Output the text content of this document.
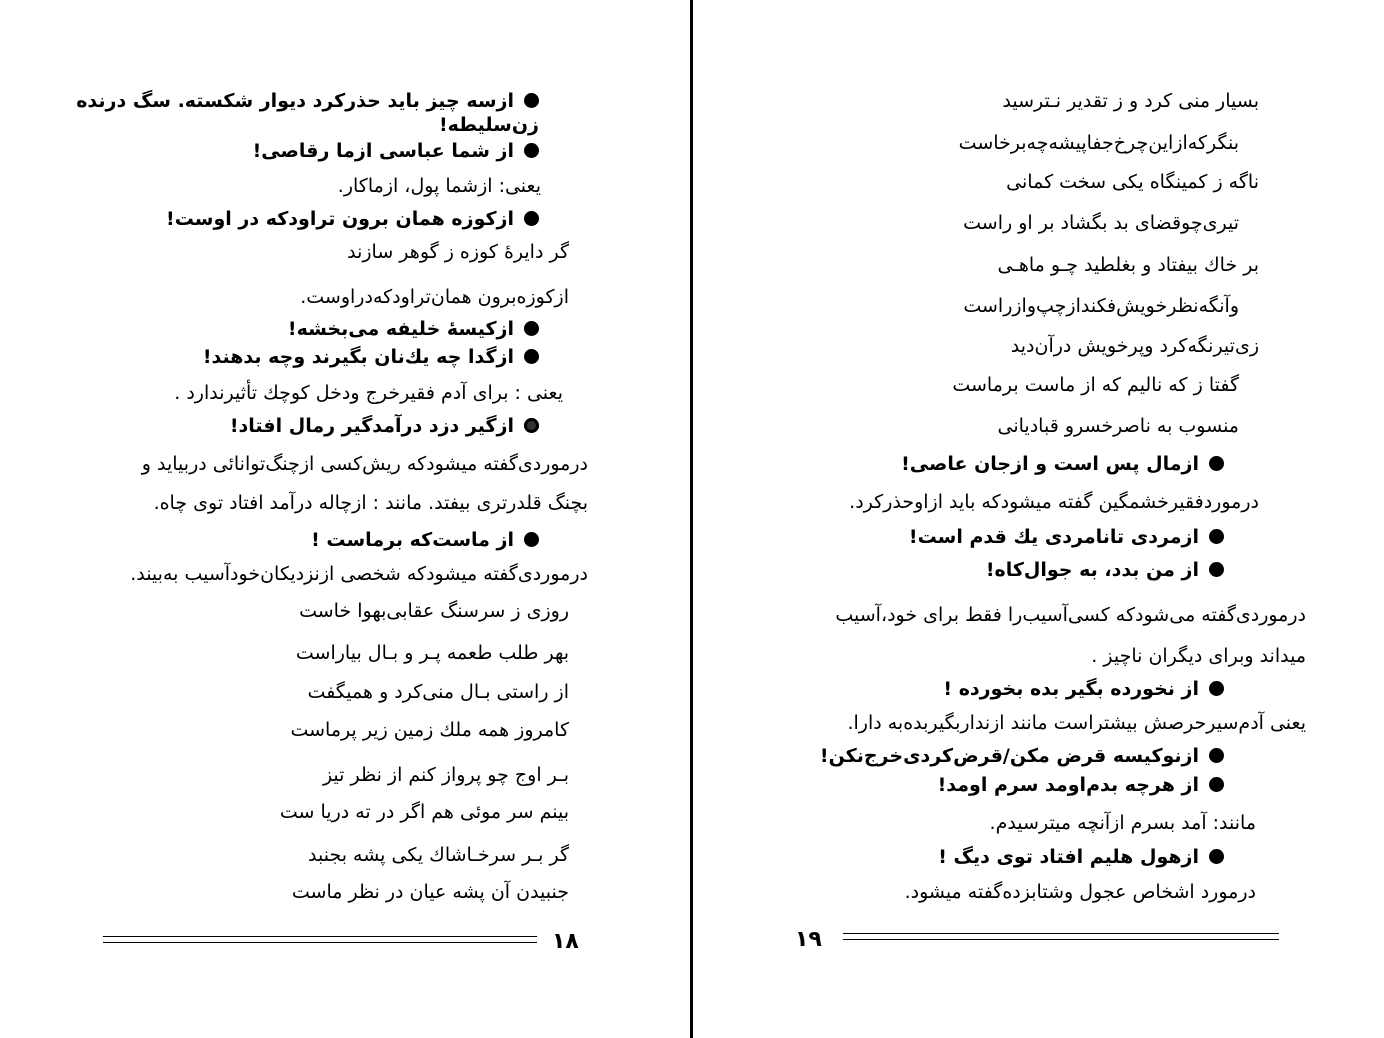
ازسه چیز باید حذرکرد دیوار شکسته. سگ درنده
زن‌سلیطه!
از شما عباسی ازما رقاصی!
یعنی: ازشما پول، ازماکار.
ازکوزه همان برون تراودکه در اوست!
گر دایرهٔ کوزه ز گوهر سازند
ازکوزه‌برون همان‌تراودکه‌دراوست.
ازکیسهٔ خلیفه می‌بخشه!
ازگدا چه یك‌نان بگیرند وچه بدهند!
یعنی : برای آدم فقیرخرج ودخل کوچك تأثیرندارد .
ازگیر دزد درآمدگیر رمال افتاد!
درموردی‌گفته میشودکه ریش‌کسی ازچنگ‌توانائی دربیاید و
بچنگ قلدرتری بیفتد. مانند : ازچاله درآمد افتاد توی چاه.
از ماست‌که برماست !
درموردی‌گفته میشودکه شخصی ازنزدیکان‌خودآسیب به‌بیند.
روزی ز سرسنگ عقابی‌بهوا خاست
بهر طلب طعمه پـر و بـال بیاراست
از راستی بـال منی‌کرد و همیگفت
کامروز همه ملك زمین زیر پرماست
بـر اوج چو پرواز کنم از نظر تیز
بینم سر موئی هم اگر در ته دریا ست
گر بـر سرخـاشاك یکی پشه بجنبد
جنبیدن آن پشه عیان در نظر ماست
۱۸
بسیار منی کرد و ز تقدیر نـترسید
بنگرکه‌ازاین‌چرخ‌جفاپیشه‌چه‌برخاست
ناگه ز کمینگاه یکی سخت کمانی
تیری‌چوقضای بد بگشاد بر او راست
بر خاك بیفتاد و بغلطید چـو ماهـی
وآنگه‌نظرخویش‌فکندازچپ‌وازراست
زی‌تیرنگه‌کرد وپرخویش درآن‌دید
گفتا ز که نالیم که از ماست برماست
منسوب به ناصرخسرو قبادیانی
ازمال پس است و ازجان عاصی!
درموردفقیرخشمگین گفته میشودکه باید ازاوحذرکرد.
ازمردی تانامردی یك قدم است!
از من بدد، به جوال‌کاه!
درموردی‌گفته می‌شودکه کسی‌آسیب‌را فقط برای خود،آسیب
میداند وبرای دیگران ناچیز .
از نخورده بگیر بده بخورده !
یعنی آدم‌سیرحرصش بیشتراست مانند ازندار‌بگیر‌بده‌به دارا.
ازنوکیسه قرض مکن/قرض‌کردی‌خرج‌نکن!
از هرچه بدم‌اومد سرم اومد!
مانند: آمد بسرم ازآنچه میترسیدم.
ازهول هلیم افتاد توی دیگ !
درمورد اشخاص عجول وشتابزده‌گفته میشود.
۱۹
